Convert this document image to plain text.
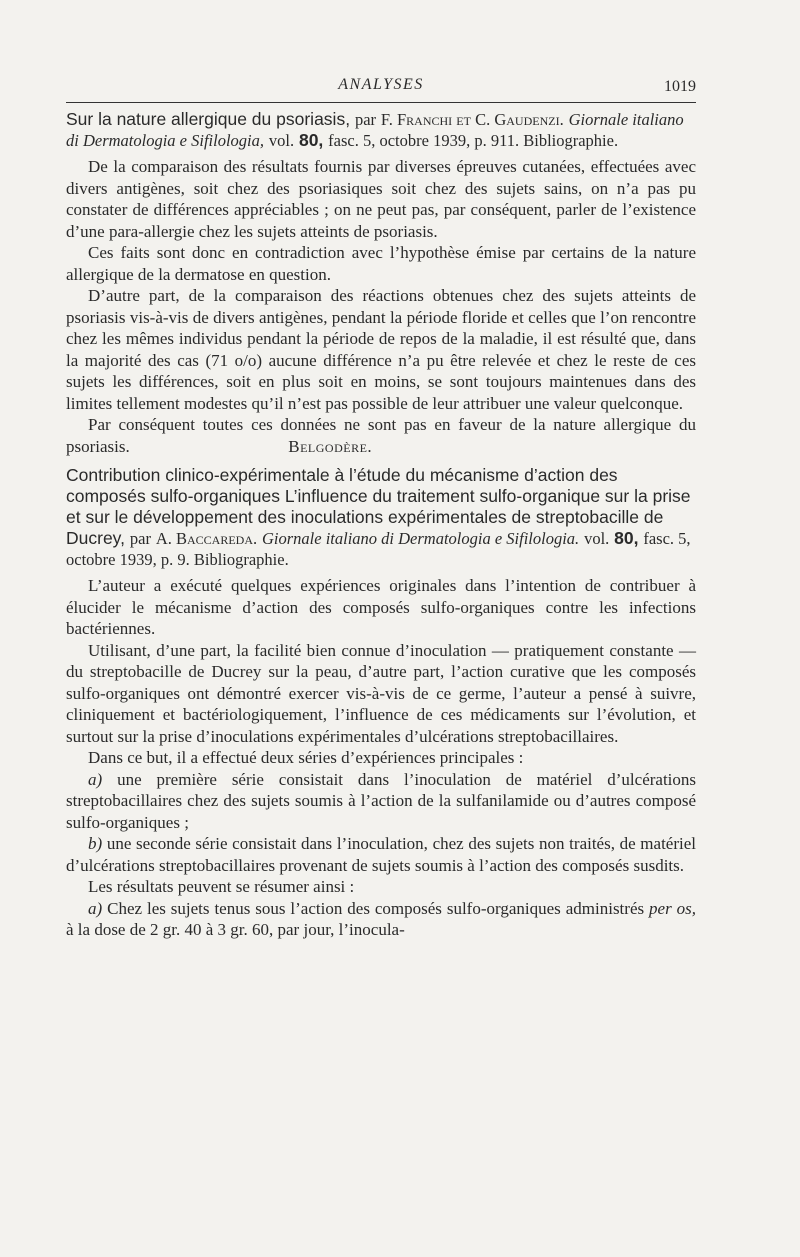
ANALYSES	1019

Sur la nature allergique du psoriasis, par F. Franchi et C. Gaudenzi. Giornale italiano di Dermatologia e Sifilologia, vol. 80, fasc. 5, octobre 1939, p. 911. Bibliographie.

De la comparaison des résultats fournis par diverses épreuves cutanées, effectuées avec divers antigènes, soit chez des psoriasiques soit chez des sujets sains, on n’a pas pu constater de différences appréciables ; on ne peut pas, par conséquent, parler de l’existence d’une para-allergie chez les sujets atteints de psoriasis.

Ces faits sont donc en contradiction avec l’hypothèse émise par certains de la nature allergique de la dermatose en question.

D’autre part, de la comparaison des réactions obtenues chez des sujets atteints de psoriasis vis-à-vis de divers antigènes, pendant la période floride et celles que l’on rencontre chez les mêmes individus pendant la période de repos de la maladie, il est résulté que, dans la majorité des cas (71 o/o) aucune différence n’a pu être relevée et chez le reste de ces sujets les différences, soit en plus soit en moins, se sont toujours maintenues dans des limites tellement modestes qu’il n’est pas possible de leur attribuer une valeur quelconque.

Par conséquent toutes ces données ne sont pas en faveur de la nature allergique du psoriasis.	Belgodère.

Contribution clinico-expérimentale à l’étude du mécanisme d’action des composés sulfo-organiques L’influence du traitement sulfo-organique sur la prise et sur le développement des inoculations expérimentales de streptobacille de Ducrey, par A. Baccareda. Giornale italiano di Dermatologia e Sifilologia. vol. 80, fasc. 5, octobre 1939, p. 9. Bibliographie.

L’auteur a exécuté quelques expériences originales dans l’intention de contribuer à élucider le mécanisme d’action des composés sulfo-organiques contre les infections bactériennes.

Utilisant, d’une part, la facilité bien connue d’inoculation — pratiquement constante — du streptobacille de Ducrey sur la peau, d’autre part, l’action curative que les composés sulfo-organiques ont démontré exercer vis-à-vis de ce germe, l’auteur a pensé à suivre, cliniquement et bactériologiquement, l’influence de ces médicaments sur l’évolution, et surtout sur la prise d’inoculations expérimentales d’ulcérations streptobacillaires.

Dans ce but, il a effectué deux séries d’expériences principales :

a) une première série consistait dans l’inoculation de matériel d’ulcérations streptobacillaires chez des sujets soumis à l’action de la sulfanilamide ou d’autres composé sulfo-organiques ;

b) une seconde série consistait dans l’inoculation, chez des sujets non traités, de matériel d’ulcérations streptobacillaires provenant de sujets soumis à l’action des composés susdits.

Les résultats peuvent se résumer ainsi :

a) Chez les sujets tenus sous l’action des composés sulfo-organiques administrés per os, à la dose de 2 gr. 40 à 3 gr. 60, par jour, l’inocula-
